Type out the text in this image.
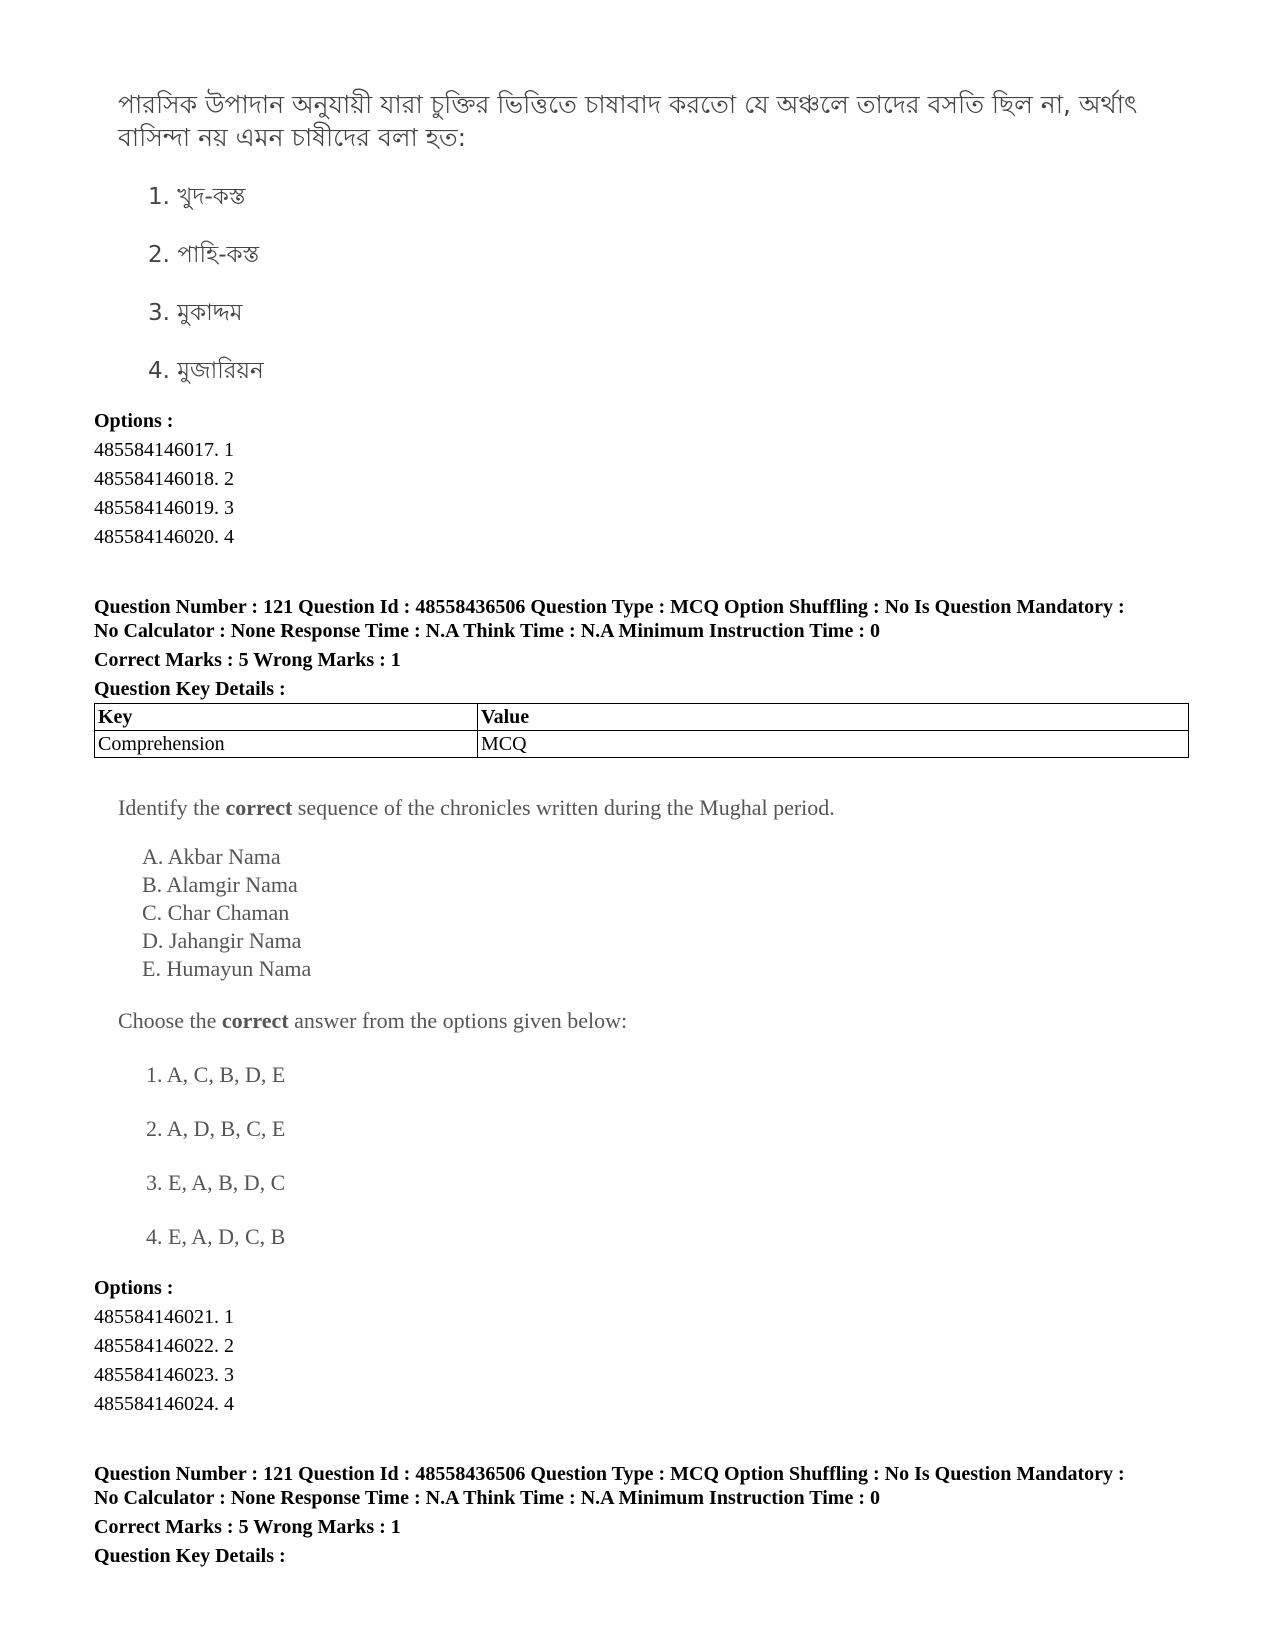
পারসিক উপাদান অনুযায়ী যারা চুক্তির ভিত্তিতে চাষাবাদ করতো যে অঞ্চলে তাদের বসতি ছিল না, অর্থাৎ বাসিন্দা নয় এমন চাষীদের বলা হত:
1. খুদ-কস্ত
2. পাহি-কস্ত
3. মুকাদ্দম
4. মুজারিয়ন
Options :
485584146017. 1
485584146018. 2
485584146019. 3
485584146020. 4
Question Number : 121 Question Id : 48558436506 Question Type : MCQ Option Shuffling : No Is Question Mandatory :
No Calculator : None Response Time : N.A Think Time : N.A Minimum Instruction Time : 0
Correct Marks : 5 Wrong Marks : 1
Question Key Details :
Key	Value
Comprehension	MCQ
Identify the correct sequence of the chronicles written during the Mughal period.
A. Akbar Nama
B. Alamgir Nama
C. Char Chaman
D. Jahangir Nama
E. Humayun Nama
Choose the correct answer from the options given below:
1. A, C, B, D, E
2. A, D, B, C, E
3. E, A, B, D, C
4. E, A, D, C, B
Options :
485584146021. 1
485584146022. 2
485584146023. 3
485584146024. 4
Question Number : 121 Question Id : 48558436506 Question Type : MCQ Option Shuffling : No Is Question Mandatory :
No Calculator : None Response Time : N.A Think Time : N.A Minimum Instruction Time : 0
Correct Marks : 5 Wrong Marks : 1
Question Key Details :
